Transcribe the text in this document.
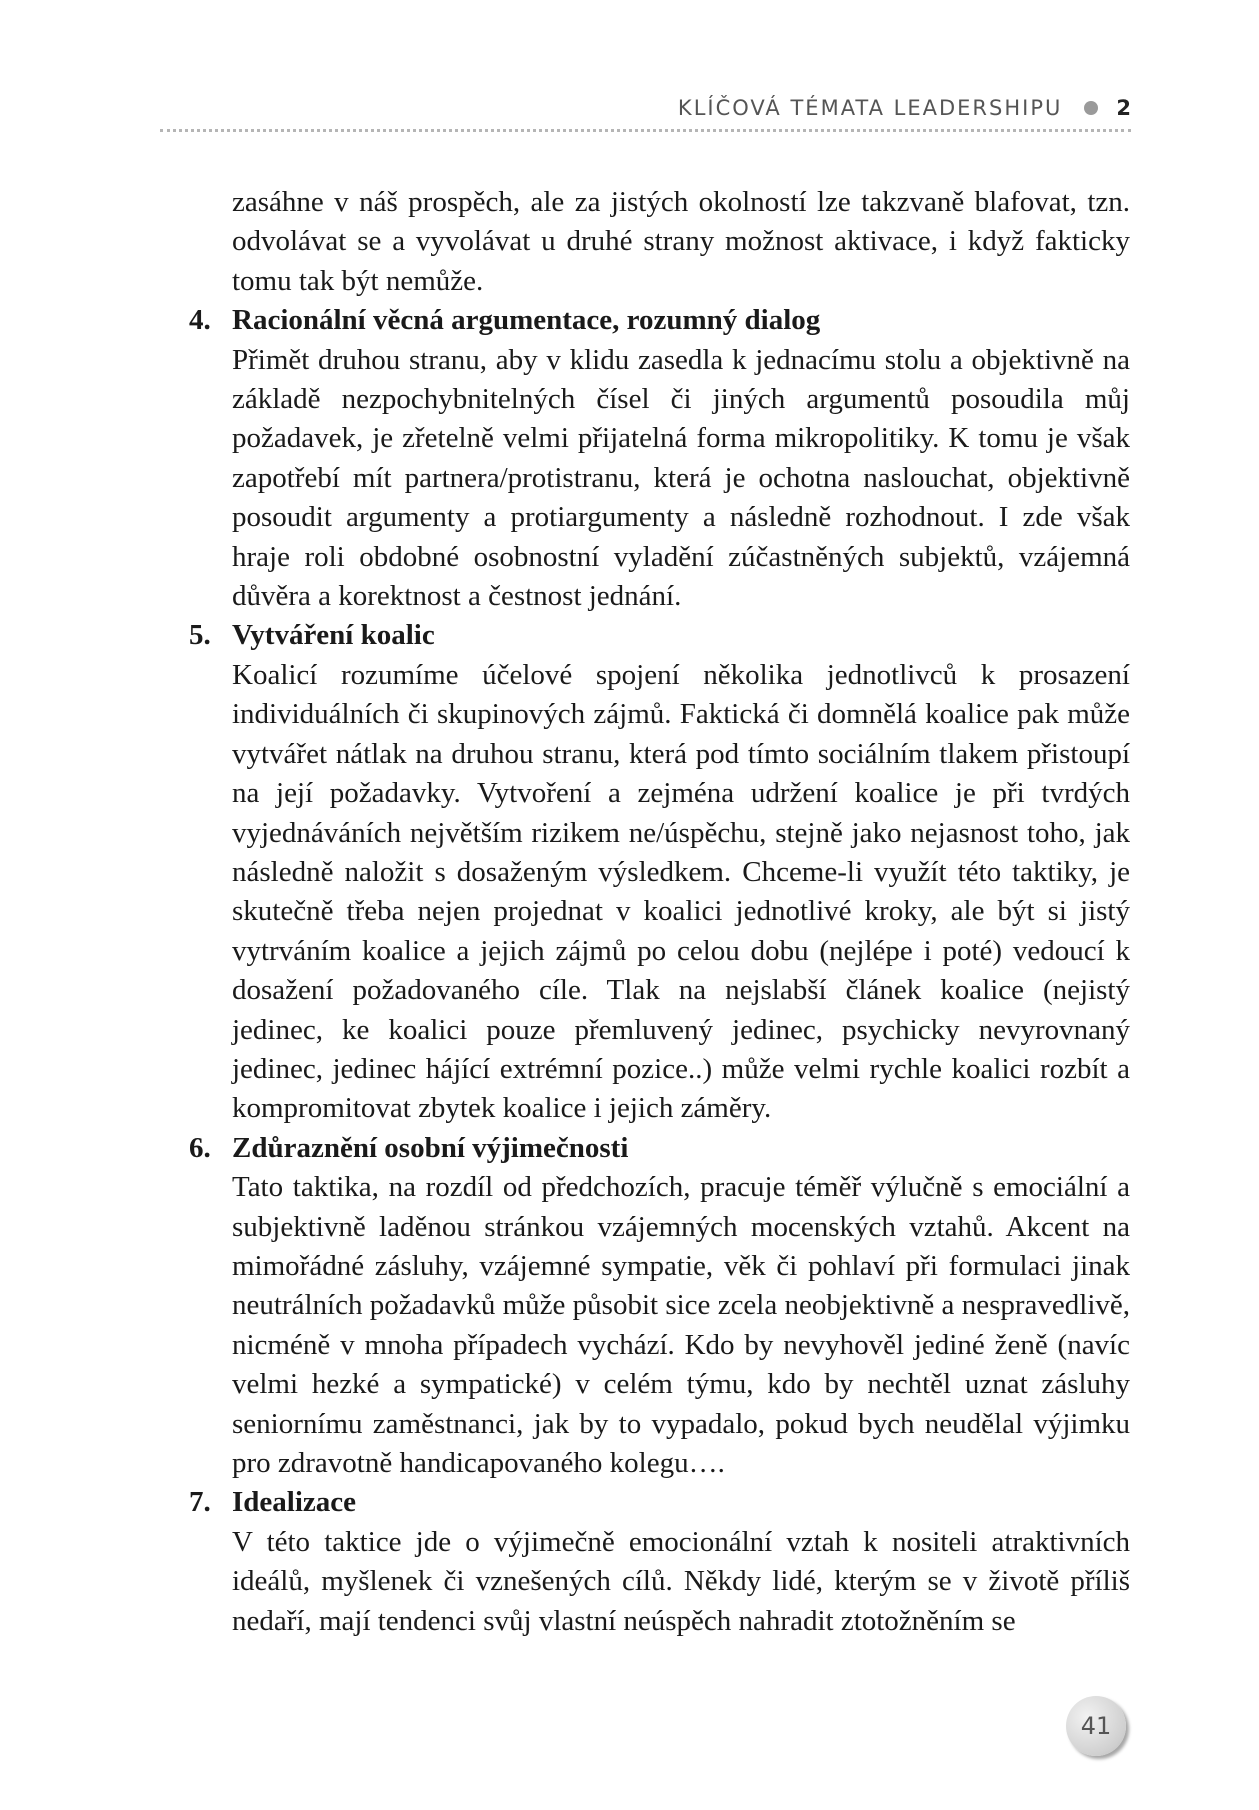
KLÍČOVÁ TÉMATA LEADERSHIPU	2

zasáhne v náš prospěch, ale za jistých okolností lze takzvaně blafovat, tzn. odvolávat se a vyvolávat u druhé strany možnost aktivace, i když fakticky tomu tak být nemůže.

4. Racionální věcná argumentace, rozumný dialog

Přimět druhou stranu, aby v klidu zasedla k jednacímu stolu a objektivně na základě nezpochybnitelných čísel či jiných argumentů posoudila můj požadavek, je zřetelně velmi přijatelná forma mikropolitiky. K tomu je však zapotřebí mít partnera/protistranu, která je ochotna naslouchat, objektivně posoudit argumenty a protiargumenty a následně rozhodnout. I zde však hraje roli obdobné osobnostní vyladění zúčastněných subjektů, vzájemná důvěra a korektnost a čestnost jednání.

5. Vytváření koalic

Koalicí rozumíme účelové spojení několika jednotlivců k prosazení individuálních či skupinových zájmů. Faktická či domnělá koalice pak může vytvářet nátlak na druhou stranu, která pod tímto sociálním tlakem přistoupí na její požadavky. Vytvoření a zejména udržení koalice je při tvrdých vyjednáváních největším rizikem ne/úspěchu, stejně jako nejasnost toho, jak následně naložit s dosaženým výsledkem. Chceme-li využít této taktiky, je skutečně třeba nejen projednat v koalici jednotlivé kroky, ale být si jistý vytrváním koalice a jejich zájmů po celou dobu (nejlépe i poté) vedoucí k dosažení požadovaného cíle. Tlak na nejslabší článek koalice (nejistý jedinec, ke koalici pouze přemluvený jedinec, psychicky nevyrovnaný jedinec, jedinec hájící extrémní pozice..) může velmi rychle koalici rozbít a kompromitovat zbytek koalice i jejich záměry.

6. Zdůraznění osobní výjimečnosti

Tato taktika, na rozdíl od předchozích, pracuje téměř výlučně s emociální a subjektivně laděnou stránkou vzájemných mocenských vztahů. Akcent na mimořádné zásluhy, vzájemné sympatie, věk či pohlaví při formulaci jinak neutrálních požadavků může působit sice zcela neobjektivně a nespravedlivě, nicméně v mnoha případech vychází. Kdo by nevyhověl jediné ženě (navíc velmi hezké a sympatické) v celém týmu, kdo by nechtěl uznat zásluhy seniornímu zaměstnanci, jak by to vypadalo, pokud bych neudělal výjimku pro zdravotně handicapovaného kolegu….

7. Idealizace

V této taktice jde o výjimečně emocionální vztah k nositeli atraktivních ideálů, myšlenek či vznešených cílů. Někdy lidé, kterým se v životě příliš nedaří, mají tendenci svůj vlastní neúspěch nahradit ztotožněním se

41
